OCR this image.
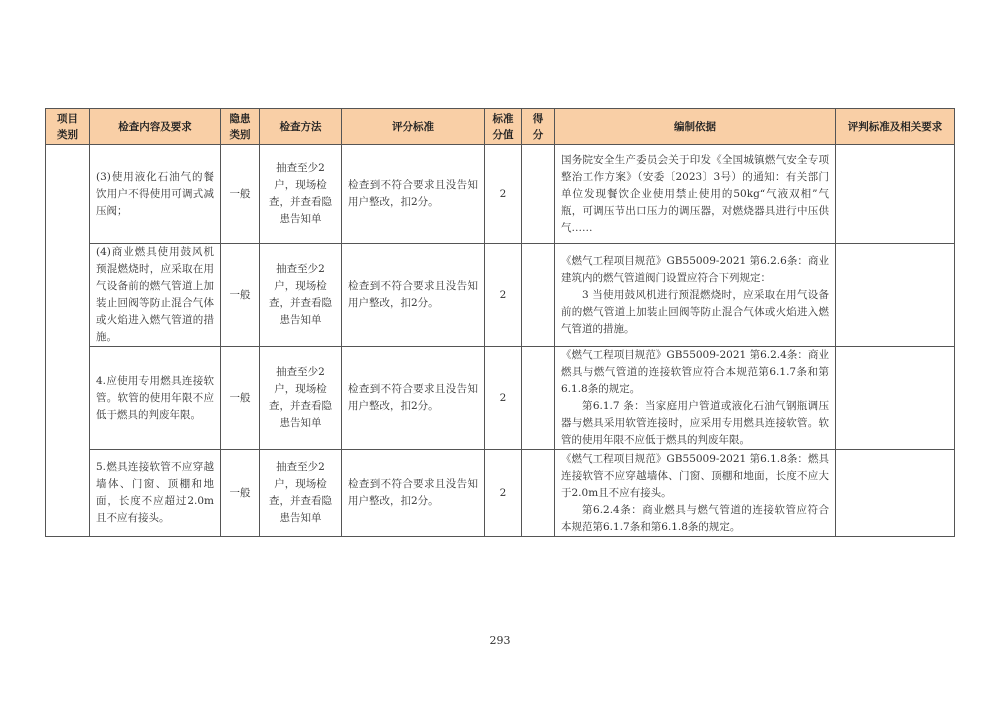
项目类别	检查内容及要求	隐患类别	检查方法	评分标准	标准分值	得分	编制依据	评判标准及相关要求
	(3)使用液化石油气的餐饮用户不得使用可调式减压阀；	一般	抽查至少2户，现场检查，并查看隐患告知单	检查到不符合要求且没告知用户整改，扣2分。	2		国务院安全生产委员会关于印发《全国城镇燃气安全专项整治工作方案》（安委〔2023〕3号）的通知：有关部门单位发现餐饮企业使用禁止使用的50kg“气液双相”气瓶，可调压节出口压力的调压器，对燃烧器具进行中压供气……	

	(4)商业燃具使用鼓风机预混燃烧时，应采取在用气设备前的燃气管道上加装止回阀等防止混合气体或火焰进入燃气管道的措施。	一般	抽查至少2户，现场检查，并查看隐患告知单	检查到不符合要求且没告知用户整改，扣2分。	2		《燃气工程项目规范》GB55009-2021 第6.2.6条：商业建筑内的燃气管道阀门设置应符合下列规定：

3 当使用鼓风机进行预混燃烧时，应采取在用气设备前的燃气管道上加装止回阀等防止混合气体或火焰进入燃气管道的措施。	

	4.应使用专用燃具连接软管。软管的使用年限不应低于燃具的判废年限。	一般	抽查至少2户，现场检查，并查看隐患告知单	检查到不符合要求且没告知用户整改，扣2分。	2		《燃气工程项目规范》GB55009-2021 第6.2.4条：商业燃具与燃气管道的连接软管应符合本规范第6.1.7条和第6.1.8条的规定。

第6.1.7 条：当家庭用户管道或液化石油气钢瓶调压器与燃具采用软管连接时，应采用专用燃具连接软管。软管的使用年限不应低于燃具的判废年限。	

	5.燃具连接软管不应穿越墙体、门窗、顶棚和地面，长度不应超过2.0m且不应有接头。	一般	抽查至少2户，现场检查，并查看隐患告知单	检查到不符合要求且没告知用户整改，扣2分。	2		《燃气工程项目规范》GB55009-2021 第6.1.8条：燃具连接软管不应穿越墙体、门窗、顶棚和地面，长度不应大于2.0m且不应有接头。

第6.2.4条：商业燃具与燃气管道的连接软管应符合本规范第6.1.7条和第6.1.8条的规定。	

293
